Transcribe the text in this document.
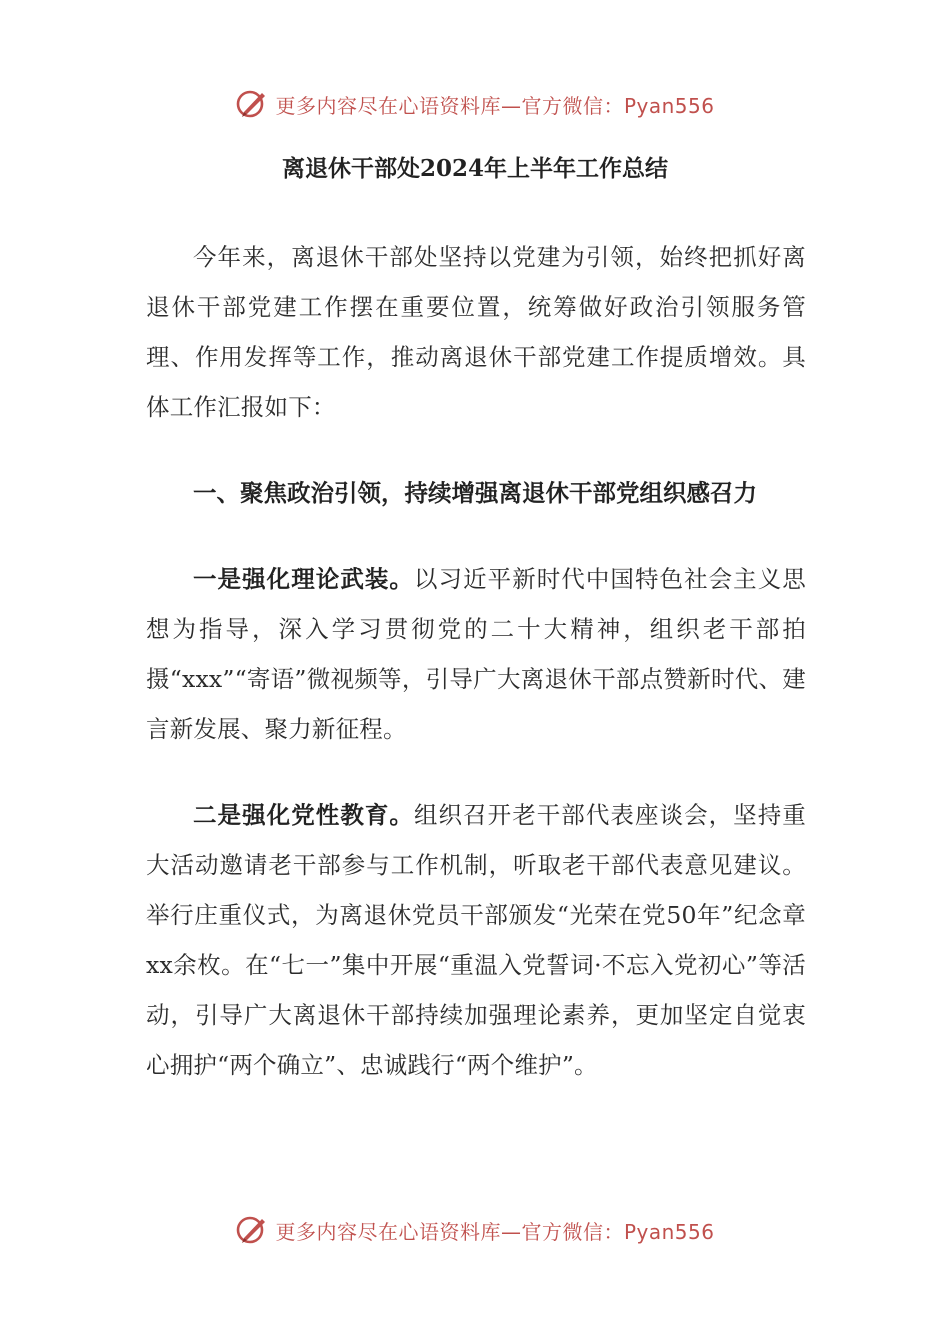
更多内容尽在心语资料库—官方微信：Pyan556
离退休干部处2024年上半年工作总结

今年来，离退休干部处坚持以党建为引领，始终把抓好离退休干部党建工作摆在重要位置，统筹做好政治引领服务管理、作用发挥等工作，推动离退休干部党建工作提质增效。具体工作汇报如下：

一、聚焦政治引领，持续增强离退休干部党组织感召力

一是强化理论武装。以习近平新时代中国特色社会主义思想为指导，深入学习贯彻党的二十大精神，组织老干部拍摄“xxx”“寄语”微视频等，引导广大离退休干部点赞新时代、建言新发展、聚力新征程。

二是强化党性教育。组织召开老干部代表座谈会，坚持重大活动邀请老干部参与工作机制，听取老干部代表意见建议。举行庄重仪式，为离退休党员干部颁发“光荣在党50年”纪念章xx余枚。在“七一”集中开展“重温入党誓词·不忘入党初心”等活动，引导广大离退休干部持续加强理论素养，更加坚定自觉衷心拥护“两个确立”、忠诚践行“两个维护”。

更多内容尽在心语资料库—官方微信：Pyan556
